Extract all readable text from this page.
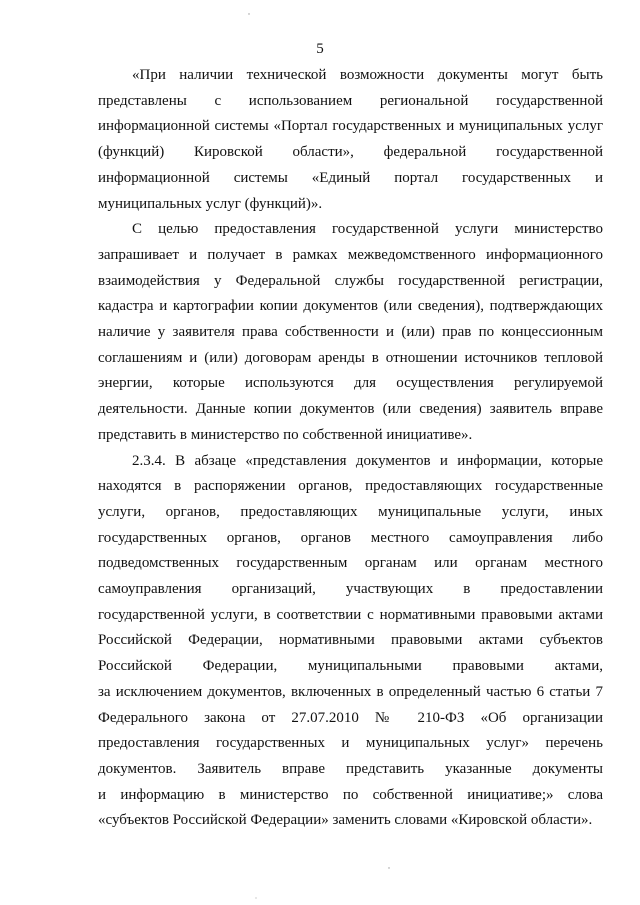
5

«При наличии технической возможности документы могут быть
представлены с использованием региональной государственной
информационной системы «Портал государственных и муниципальных услуг
(функций) Кировской области», федеральной государственной
информационной системы «Единый портал государственных и
муниципальных услуг (функций)».

С целью предоставления государственной услуги министерство
запрашивает и получает в рамках межведомственного информационного
взаимодействия у Федеральной службы государственной регистрации,
кадастра и картографии копии документов (или сведения), подтверждающих
наличие у заявителя права собственности и (или) прав по концессионным
соглашениям и (или) договорам аренды в отношении источников тепловой
энергии, которые используются для осуществления регулируемой
деятельности. Данные копии документов (или сведения) заявитель вправе
представить в министерство по собственной инициативе».

2.3.4. В абзаце «представления документов и информации, которые
находятся в распоряжении органов, предоставляющих государственные
услуги, органов, предоставляющих муниципальные услуги, иных
государственных органов, органов местного самоуправления либо
подведомственных государственным органам или органам местного
самоуправления организаций, участвующих в предоставлении
государственной услуги, в соответствии с нормативными правовыми актами
Российской Федерации, нормативными правовыми актами субъектов
Российской Федерации, муниципальными правовыми актами,
за исключением документов, включенных в определенный частью 6 статьи 7
Федерального закона от 27.07.2010 № 210-ФЗ «Об организации
предоставления государственных и муниципальных услуг» перечень
документов. Заявитель вправе представить указанные документы
и информацию в министерство по собственной инициативе;» слова
«субъектов Российской Федерации» заменить словами «Кировской области».
